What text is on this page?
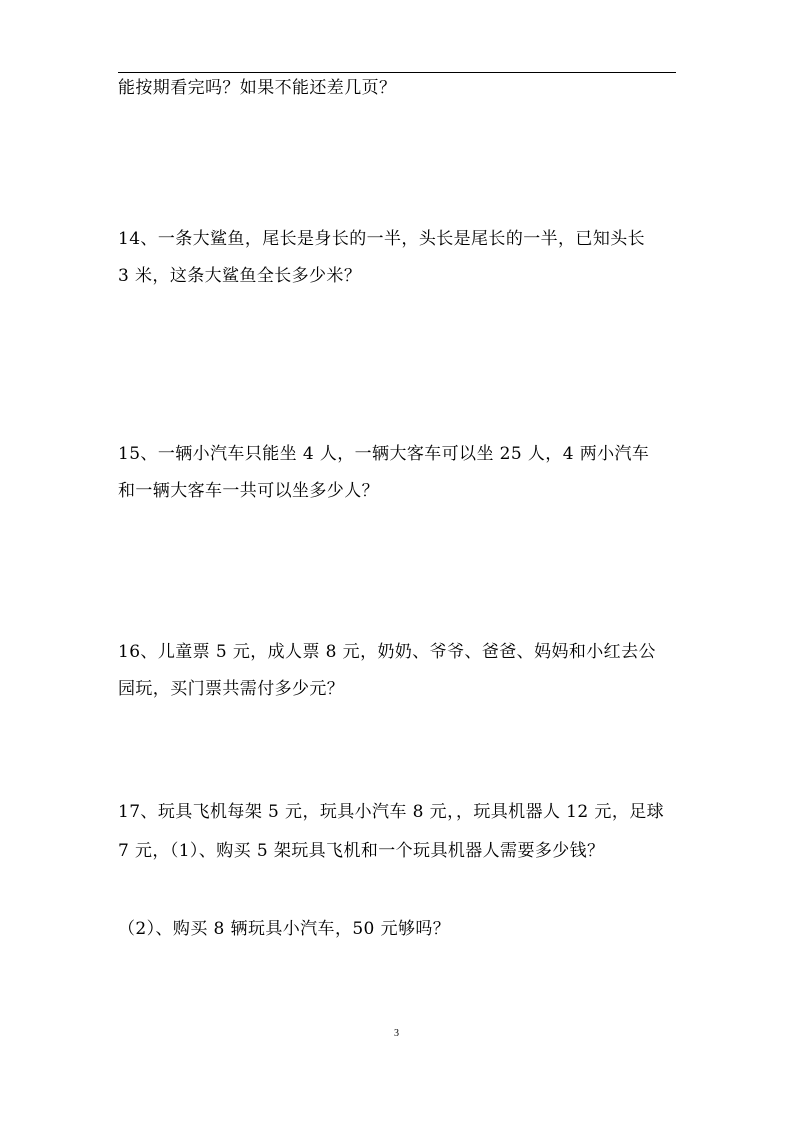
能按期看完吗？如果不能还差几页？
14、一条大鲨鱼，尾长是身长的一半，头长是尾长的一半，已知头长
3 米，这条大鲨鱼全长多少米？
15、一辆小汽车只能坐 4 人，一辆大客车可以坐 25 人，4 两小汽车
和一辆大客车一共可以坐多少人？
16、儿童票 5 元，成人票 8 元，奶奶、爷爷、爸爸、妈妈和小红去公
园玩，买门票共需付多少元？
17、玩具飞机每架 5 元，玩具小汽车 8 元，，玩具机器人 12 元，足球
7 元，（1）、购买 5 架玩具飞机和一个玩具机器人需要多少钱？
（2）、购买 8 辆玩具小汽车，50 元够吗？
3
